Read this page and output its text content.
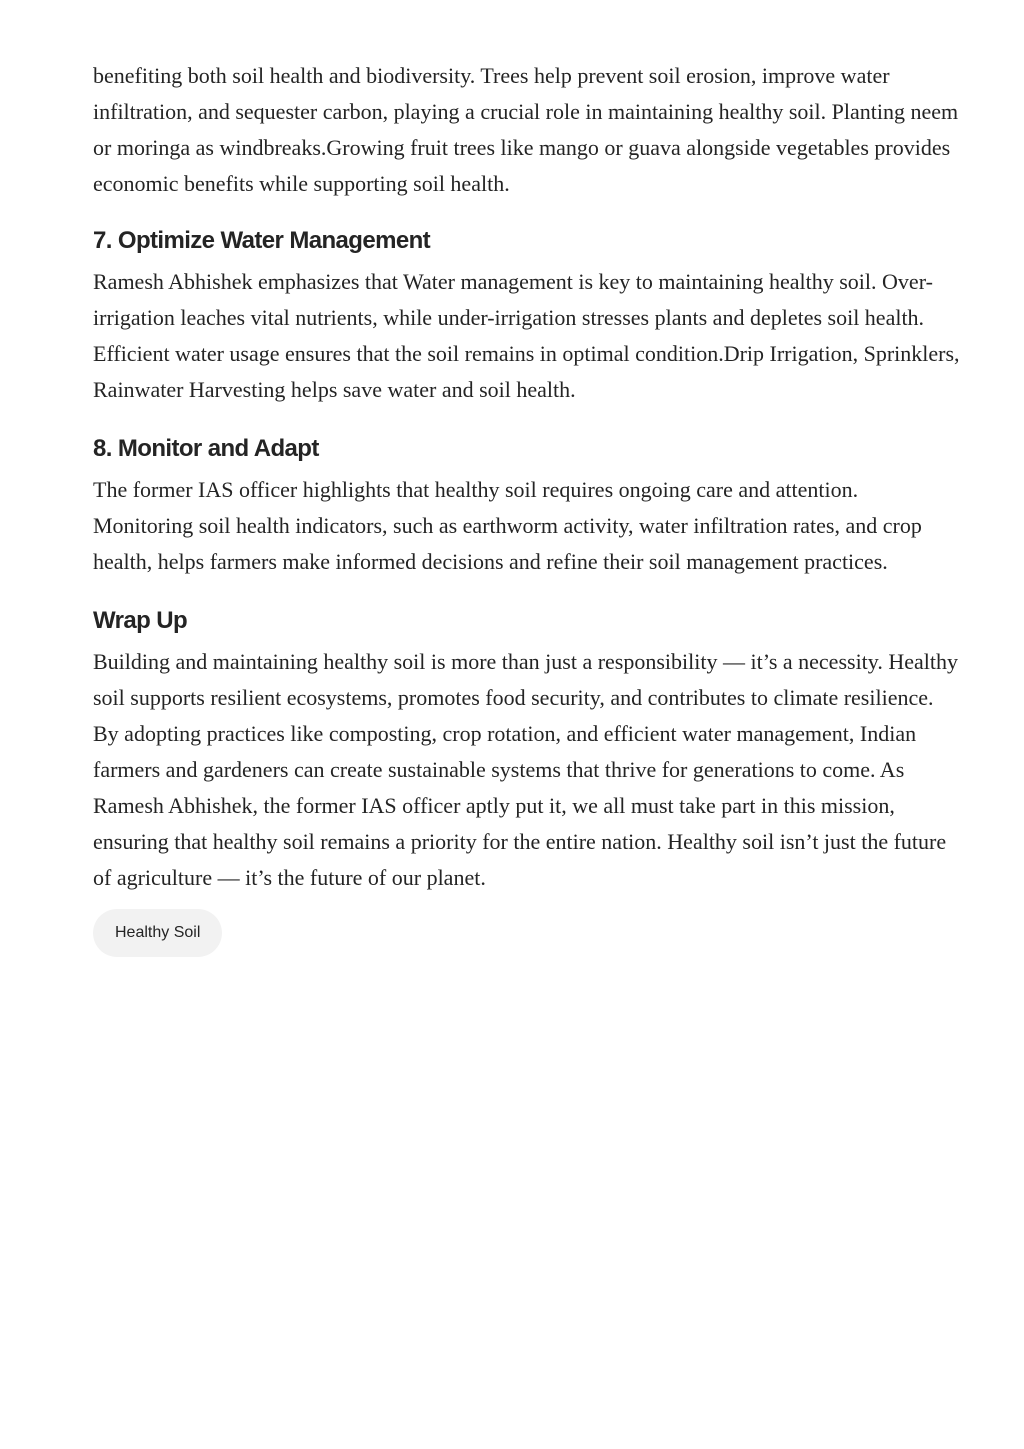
benefiting both soil health and biodiversity. Trees help prevent soil erosion, improve water infiltration, and sequester carbon, playing a crucial role in maintaining healthy soil. Planting neem or moringa as windbreaks.Growing fruit trees like mango or guava alongside vegetables provides economic benefits while supporting soil health.

7. Optimize Water Management

Ramesh Abhishek emphasizes that Water management is key to maintaining healthy soil. Over-irrigation leaches vital nutrients, while under-irrigation stresses plants and depletes soil health. Efficient water usage ensures that the soil remains in optimal condition.Drip Irrigation, Sprinklers, Rainwater Harvesting helps save water and soil health.

8. Monitor and Adapt

The former IAS officer highlights that healthy soil requires ongoing care and attention. Monitoring soil health indicators, such as earthworm activity, water infiltration rates, and crop health, helps farmers make informed decisions and refine their soil management practices.

Wrap Up

Building and maintaining healthy soil is more than just a responsibility — it’s a necessity. Healthy soil supports resilient ecosystems, promotes food security, and contributes to climate resilience. By adopting practices like composting, crop rotation, and efficient water management, Indian farmers and gardeners can create sustainable systems that thrive for generations to come. As Ramesh Abhishek, the former IAS officer aptly put it, we all must take part in this mission, ensuring that healthy soil remains a priority for the entire nation. Healthy soil isn’t just the future of agriculture — it’s the future of our planet.

Healthy Soil
